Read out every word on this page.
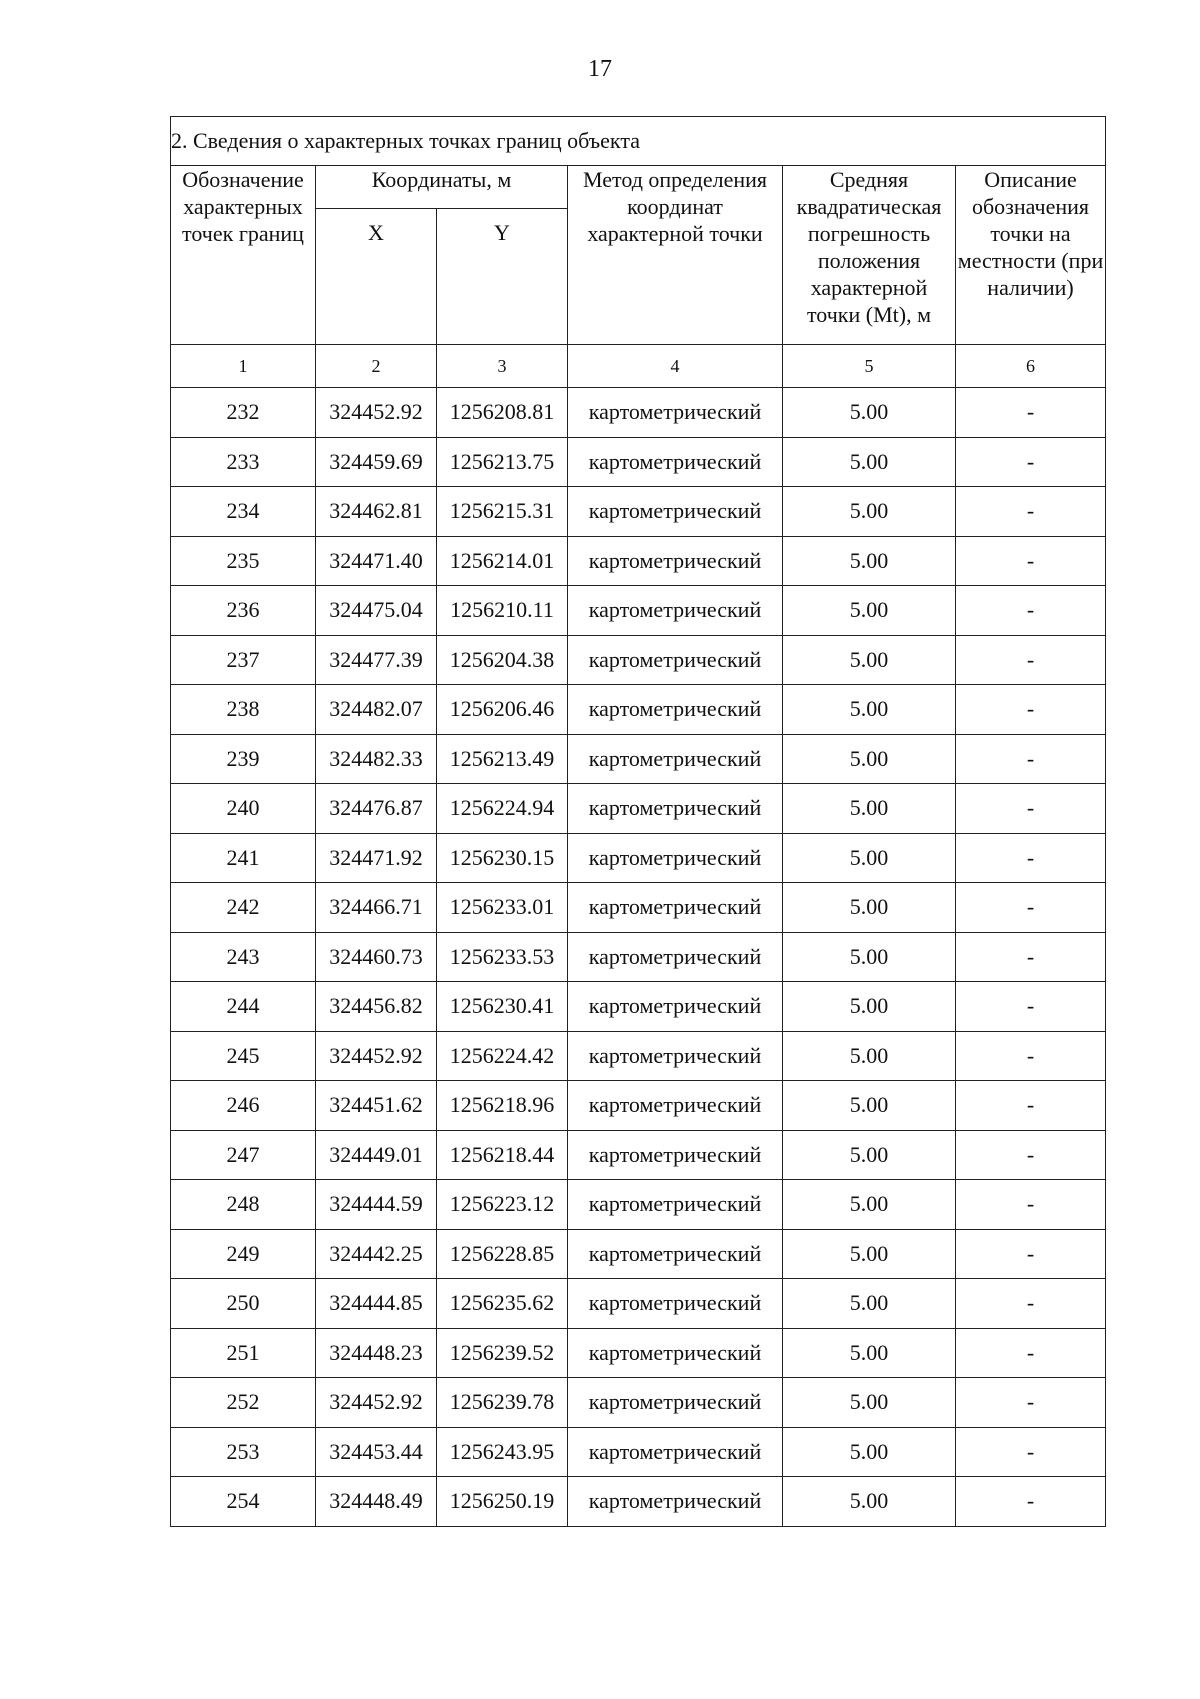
17
2. Сведения о характерных точках границ объекта					
Обозначение характерных точек границ	Координаты, м		Метод определения координат характерной точки	Средняя квадратическая погрешность положения характерной точки (Mt), м	Описание обозначения точки на местности (при наличии)
	X	Y			
1	2	3	4	5	6
232	324452.92	1256208.81	картометрический	5.00	-
233	324459.69	1256213.75	картометрический	5.00	-
234	324462.81	1256215.31	картометрический	5.00	-
235	324471.40	1256214.01	картометрический	5.00	-
236	324475.04	1256210.11	картометрический	5.00	-
237	324477.39	1256204.38	картометрический	5.00	-
238	324482.07	1256206.46	картометрический	5.00	-
239	324482.33	1256213.49	картометрический	5.00	-
240	324476.87	1256224.94	картометрический	5.00	-
241	324471.92	1256230.15	картометрический	5.00	-
242	324466.71	1256233.01	картометрический	5.00	-
243	324460.73	1256233.53	картометрический	5.00	-
244	324456.82	1256230.41	картометрический	5.00	-
245	324452.92	1256224.42	картометрический	5.00	-
246	324451.62	1256218.96	картометрический	5.00	-
247	324449.01	1256218.44	картометрический	5.00	-
248	324444.59	1256223.12	картометрический	5.00	-
249	324442.25	1256228.85	картометрический	5.00	-
250	324444.85	1256235.62	картометрический	5.00	-
251	324448.23	1256239.52	картометрический	5.00	-
252	324452.92	1256239.78	картометрический	5.00	-
253	324453.44	1256243.95	картометрический	5.00	-
254	324448.49	1256250.19	картометрический	5.00	-
